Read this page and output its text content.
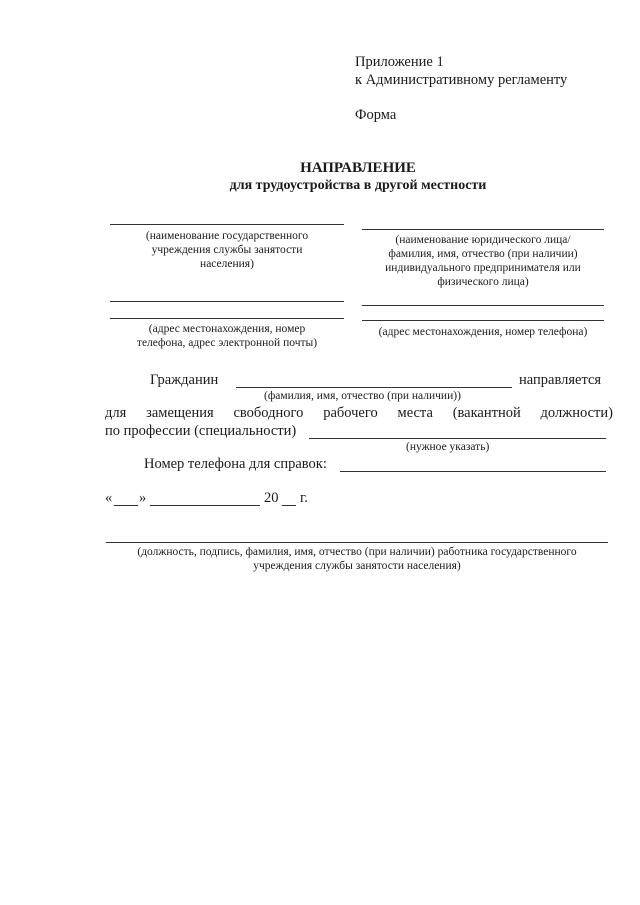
Приложение 1
к Административному регламенту
Форма
НАПРАВЛЕНИЕ
для трудоустройства в другой местности
(наименование государственного
учреждения службы занятости
населения)
(наименование юридического лица/
фамилия, имя, отчество (при наличии)
индивидуального предпринимателя или
физического лица)
(адрес местонахождения, номер
телефона, адрес электронной почты)
(адрес местонахождения, номер телефона)
Гражданин	направляется
(фамилия, имя, отчество (при наличии))
для замещения свободного рабочего места (вакантной должности)
по профессии (специальности)
(нужное указать)
Номер телефона для справок:
« »	20 г.
(должность, подпись, фамилия, имя, отчество (при наличии) работника государственного
учреждения службы занятости населения)
